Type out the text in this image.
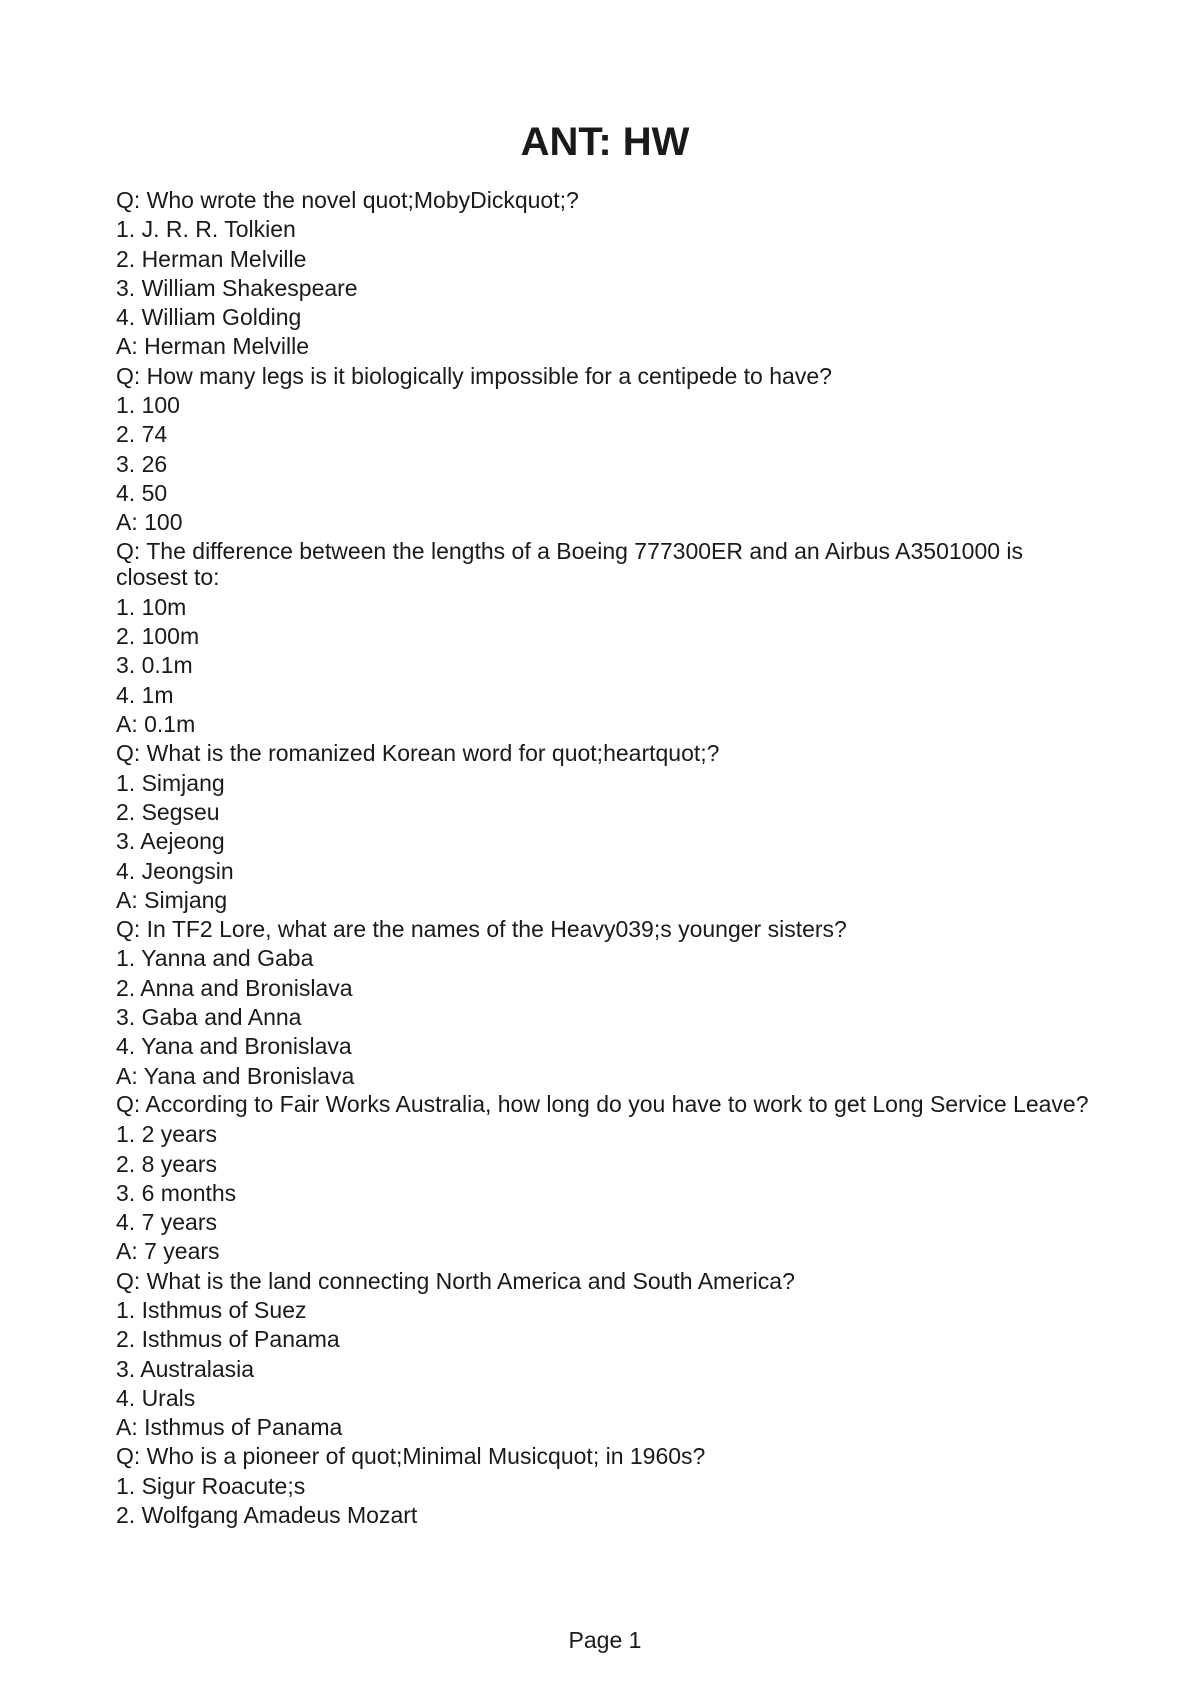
ANT: HW
Q: Who wrote the novel quot;MobyDickquot;?
1. J. R. R. Tolkien
2. Herman Melville
3. William Shakespeare
4. William Golding
A: Herman Melville
Q: How many legs is it biologically impossible for a centipede to have?
1. 100
2. 74
3. 26
4. 50
A: 100
Q: The difference between the lengths of a Boeing 777300ER and an Airbus A3501000 is closest to:
1. 10m
2. 100m
3. 0.1m
4. 1m
A: 0.1m
Q: What is the romanized Korean word for quot;heartquot;?
1. Simjang
2. Segseu
3. Aejeong
4. Jeongsin
A: Simjang
Q: In TF2 Lore, what are the names of the Heavy039;s younger sisters?
1. Yanna and Gaba
2. Anna and Bronislava
3. Gaba and Anna
4. Yana and Bronislava
A: Yana and Bronislava
Q: According to Fair Works Australia, how long do you have to work to get Long Service Leave?
1. 2 years
2. 8 years
3. 6 months
4. 7 years
A: 7 years
Q: What is the land connecting North America and South America?
1. Isthmus of Suez
2. Isthmus of Panama
3. Australasia
4. Urals
A: Isthmus of Panama
Q: Who is a pioneer of quot;Minimal Musicquot; in 1960s?
1. Sigur Roacute;s
2. Wolfgang Amadeus Mozart
Page 1
